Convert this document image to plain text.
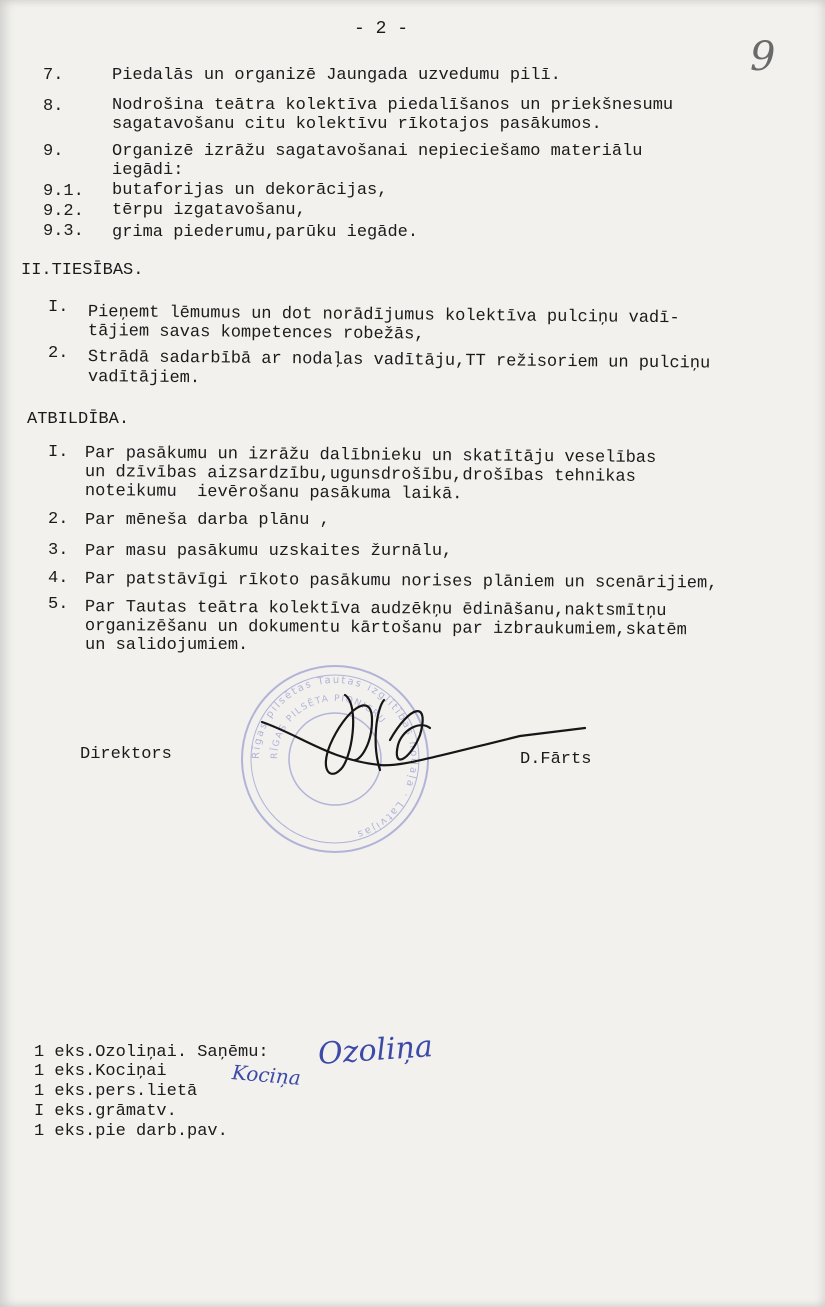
- 2 -
9
7.	Piedalās un organizē Jaungada uzvedumu pilī.
8.	Nodrošina teātra kolektīva piedalīšanos un priekšnesumu
sagatavošanu citu kolektīvu rīkotajos pasākumos.
9.	Organizē izrāžu sagatavošanai nepieciešamo materiālu
iegādi:
9.1. butaforijas un dekorācijas,
9.2. tērpu izgatavošanu,
9.3. grima piederumu,parūku iegāde.
II.TIESĪBAS.
I. Pieņemt lēmumus un dot norādījumus kolektīva pulciņu vadī-
tājiem savas kompetences robežās,
2. Strādā sadarbībā ar nodaļas vadītāju,TT režisoriem un pulciņu
vadītājiem.
ATBILDĪBA.
I. Par pasākumu un izrāžu dalībnieku un skatītāju veselības
un dzīvības aizsardzību,ugunsdrošību,drošības tehnikas
noteikumu  ievērošanu pasākuma laikā.
2. Par mēneša darba plānu ,
3. Par masu pasākumu uzskaites žurnālu,
4. Par patstāvīgi rīkoto pasākumu norises plāniem un scenārijiem,
5. Par Tautas teātra kolektīva audzēkņu ēdināšanu,naktsmītņu
organizēšanu un dokumentu kārtošanu par izbraukumiem,skatēm
un salidojumiem.
Rīgas pilsētas Tautas izglītības nodaļa · Latvijas
RĪGAS PILSĒTA PIONIERU
Direktors	D.Fārts
1 eks.Ozoliņai. Saņēmu:
1 eks.Kociņai
1 eks.pers.lietā
I eks.grāmatv.
1 eks.pie darb.pav.
Ozoliņa
Kociņa
